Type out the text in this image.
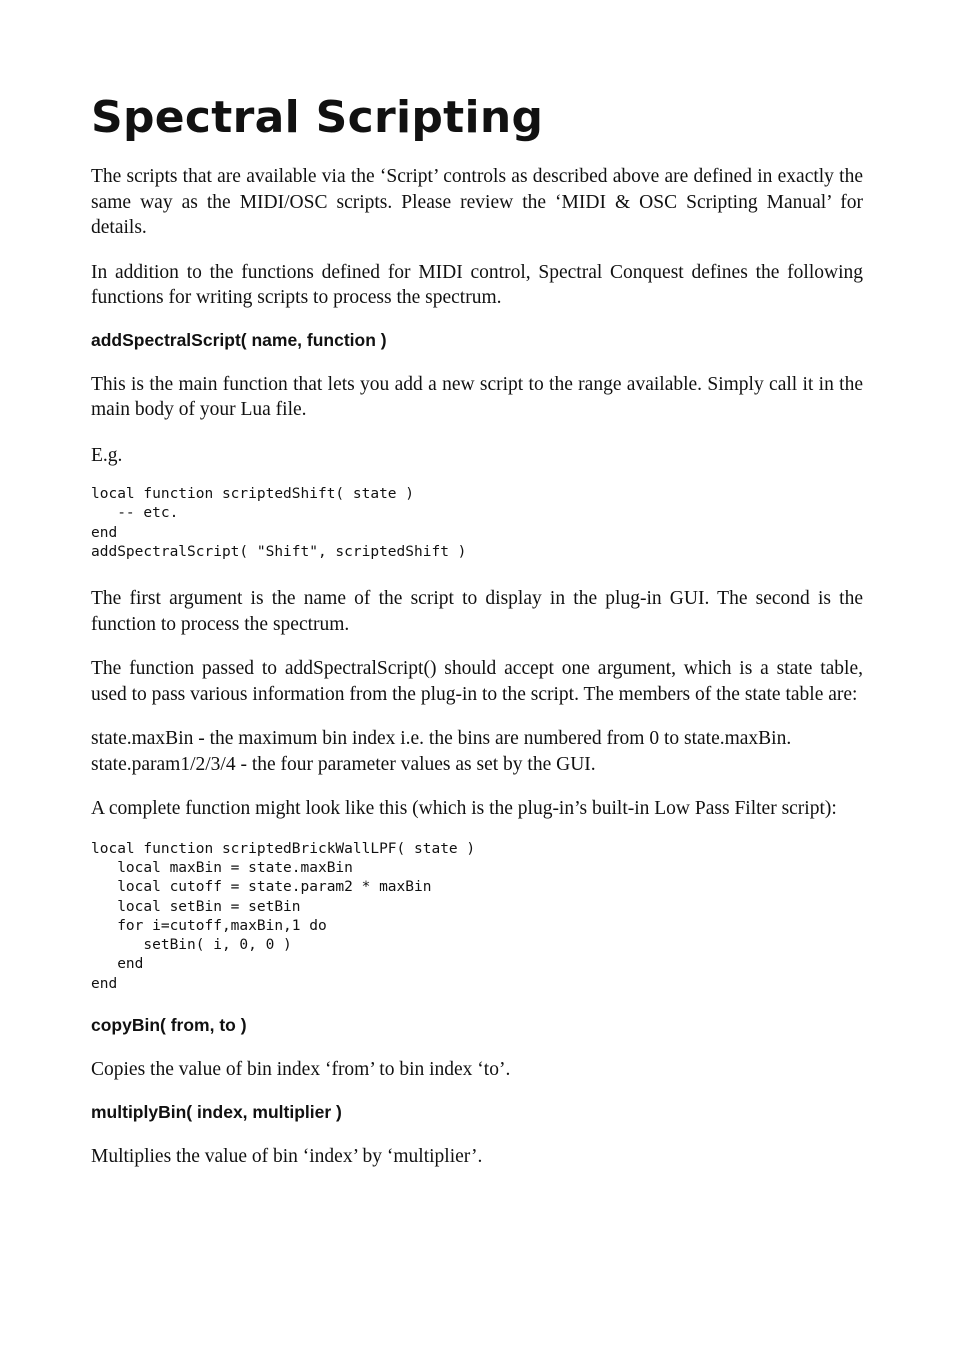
Spectral Scripting

The scripts that are available via the ‘Script’ controls as described above are defined in exactly the same way as the MIDI/OSC scripts. Please review the ‘MIDI & OSC Scripting Manual’ for details.

In addition to the functions defined for MIDI control, Spectral Conquest defines the following functions for writing scripts to process the spectrum.

addSpectralScript( name, function )

This is the main function that lets you add a new script to the range available. Simply call it in the main body of your Lua file.

E.g.

local function scriptedShift( state )
-- etc.
end
addSpectralScript( "Shift", scriptedShift )

The first argument is the name of the script to display in the plug-in GUI. The second is the function to process the spectrum.

The function passed to addSpectralScript() should accept one argument, which is a state table, used to pass various information from the plug-in to the script. The members of the state table are:

state.maxBin - the maximum bin index i.e. the bins are numbered from 0 to state.maxBin.
state.param1/2/3/4 - the four parameter values as set by the GUI.

A complete function might look like this (which is the plug-in’s built-in Low Pass Filter script):

local function scriptedBrickWallLPF( state )
local maxBin = state.maxBin
local cutoff = state.param2 * maxBin
local setBin = setBin
for i=cutoff,maxBin,1 do
setBin( i, 0, 0 )
end
end
copyBin( from, to )

Copies the value of bin index ‘from’ to bin index ‘to’.

multiplyBin( index, multiplier )

Multiplies the value of bin ‘index’ by ‘multiplier’.
